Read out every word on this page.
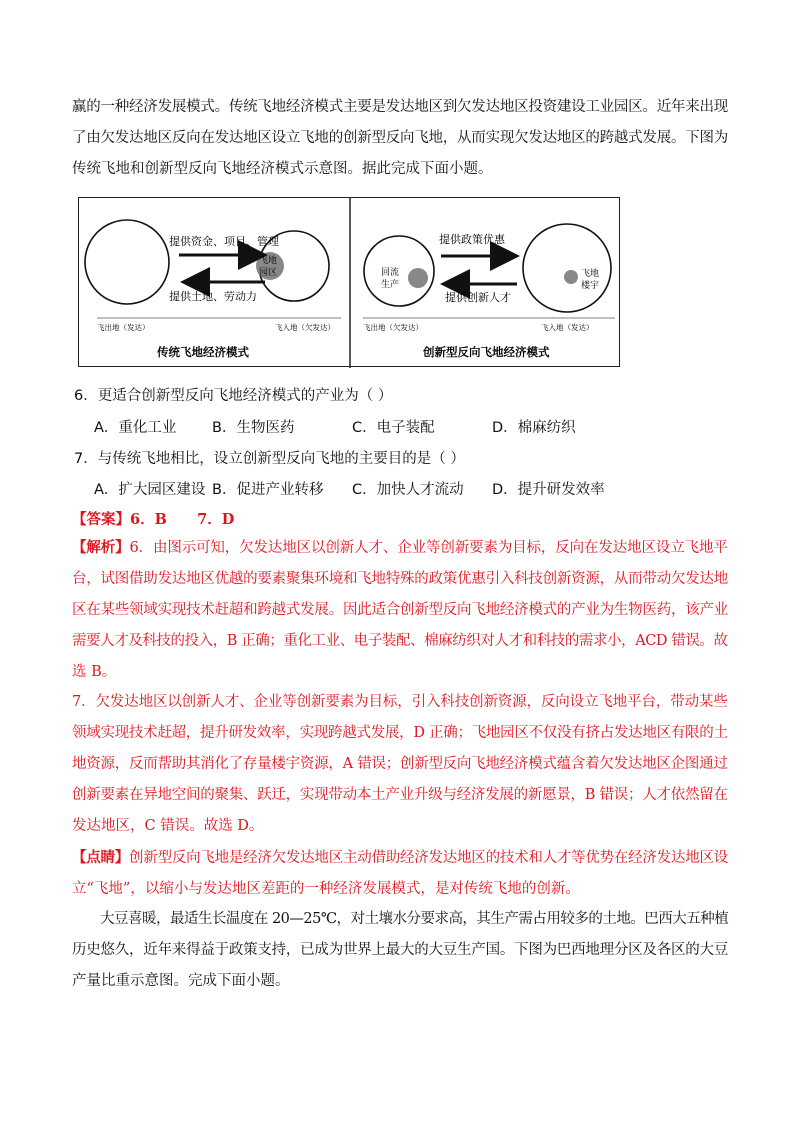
赢的一种经济发展模式。传统飞地经济模式主要是发达地区到欠发达地区投资建设工业园区。近年来出现
了由欠发达地区反向在发达地区设立飞地的创新型反向飞地，从而实现欠发达地区的跨越式发展。下图为
传统飞地和创新型反向飞地经济模式示意图。据此完成下面小题。
提供资金、项目、管理
提供土地、劳动力
飞地
园区
飞出地（发达）	飞入地（欠发达）
传统飞地经济模式
提供政策优惠
提供创新人才
回流
生产
飞地
楼宇
飞出地（欠发达）	飞入地（发达）
创新型反向飞地经济模式
6．更适合创新型反向飞地经济模式的产业为（ ）
A．重化工业 B．生物医药	C．电子装配	D．棉麻纺织
7．与传统飞地相比，设立创新型反向飞地的主要目的是（ ）
A．扩大园区建设 B．促进产业转移 C．加快人才流动 D．提升研发效率
【答案】6．B      7．D
【解析】6．由图示可知，欠发达地区以创新人才、企业等创新要素为目标，反向在发达地区设立飞地平
台，试图借助发达地区优越的要素聚集环境和飞地特殊的政策优惠引入科技创新资源，从而带动欠发达地
区在某些领域实现技术赶超和跨越式发展。因此适合创新型反向飞地经济模式的产业为生物医药，该产业
需要人才及科技的投入，B 正确；重化工业、电子装配、棉麻纺织对人才和科技的需求小，ACD 错误。故
选 B。
7．欠发达地区以创新人才、企业等创新要素为目标，引入科技创新资源，反向设立飞地平台，带动某些
领域实现技术赶超，提升研发效率，实现跨越式发展，D 正确；飞地园区不仅没有挤占发达地区有限的土
地资源，反而帮助其消化了存量楼宇资源，A 错误；创新型反向飞地经济模式蕴含着欠发达地区企图通过
创新要素在异地空间的聚集、跃迁，实现带动本土产业升级与经济发展的新愿景，B 错误；人才依然留在
发达地区，C 错误。故选 D。
【点睛】创新型反向飞地是经济欠发达地区主动借助经济发达地区的技术和人才等优势在经济发达地区设
立“飞地”，以缩小与发达地区差距的一种经济发展模式，是对传统飞地的创新。
大豆喜暖，最适生长温度在 20—25℃，对土壤水分要求高，其生产需占用较多的土地。巴西大五种植
历史悠久，近年来得益于政策支持，已成为世界上最大的大豆生产国。下图为巴西地理分区及各区的大豆
产量比重示意图。完成下面小题。
